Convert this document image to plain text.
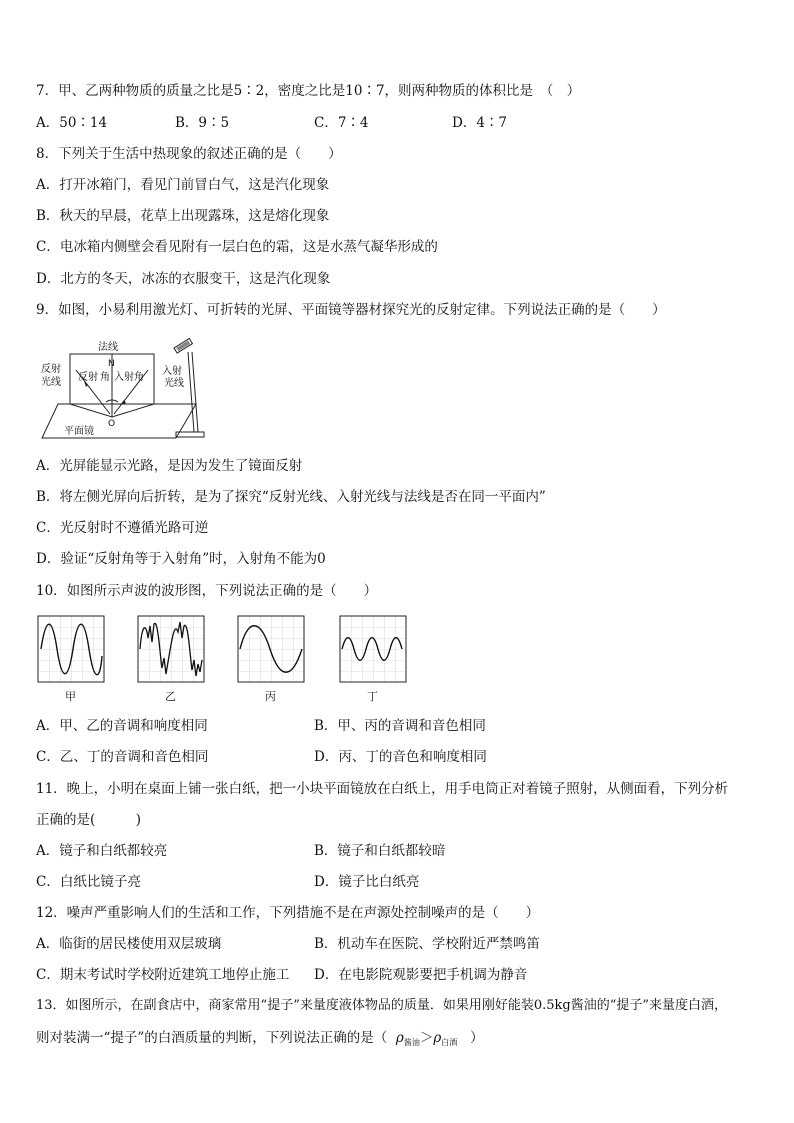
7．甲、乙两种物质的质量之比是5∶2，密度之比是10∶7，则两种物质的体积比是　（　）
A．50∶14	B．9∶5	C．7∶4	D．4∶7
8．下列关于生活中热现象的叙述正确的是（　　）
A．打开冰箱门，看见门前冒白气，这是汽化现象
B．秋天的早晨，花草上出现露珠，这是熔化现象
C．电冰箱内侧壁会看见附有一层白色的霜，这是水蒸气凝华形成的
D．北方的冬天，冰冻的衣服变干，这是汽化现象
9．如图，小易利用激光灯、可折转的光屏、平面镜等器材探究光的反射定律。下列说法正确的是（　　）
法线
N
反射
光线 反射 角 入射角
入射
光线
O
平面镜
A．光屏能显示光路，是因为发生了镜面反射
B．将左侧光屏向后折转，是为了探究“反射光线、入射光线与法线是否在同一平面内”
C．光反射时不遵循光路可逆
D．验证“反射角等于入射角”时，入射角不能为0
10．如图所示声波的波形图，下列说法正确的是（　　）
甲	乙	丙	丁
A．甲、乙的音调和响度相同	B．甲、丙的音调和音色相同
C．乙、丁的音调和音色相同	D．丙、丁的音色和响度相同
11．晚上，小明在桌面上铺一张白纸，把一小块平面镜放在白纸上，用手电筒正对着镜子照射，从侧面看，下列分析
正确的是(　　　)
A．镜子和白纸都较亮	B．镜子和白纸都较暗
C．白纸比镜子亮	D．镜子比白纸亮
12．噪声严重影响人们的生活和工作，下列措施不是在声源处控制噪声的是（　　）
A．临街的居民楼使用双层玻璃	B．机动车在医院、学校附近严禁鸣笛
C．期末考试时学校附近建筑工地停止施工 D．在电影院观影要把手机调为静音
13．如图所示，在副食店中，商家常用“提子”来量度液体物品的质量．如果用刚好能装0.5kg酱油的“提子”来量度白酒，
则对装满一“提子”的白酒质量的判断，下列说法正确的是（ $\rho_{酱油}>\rho_{白酒}$ ）
